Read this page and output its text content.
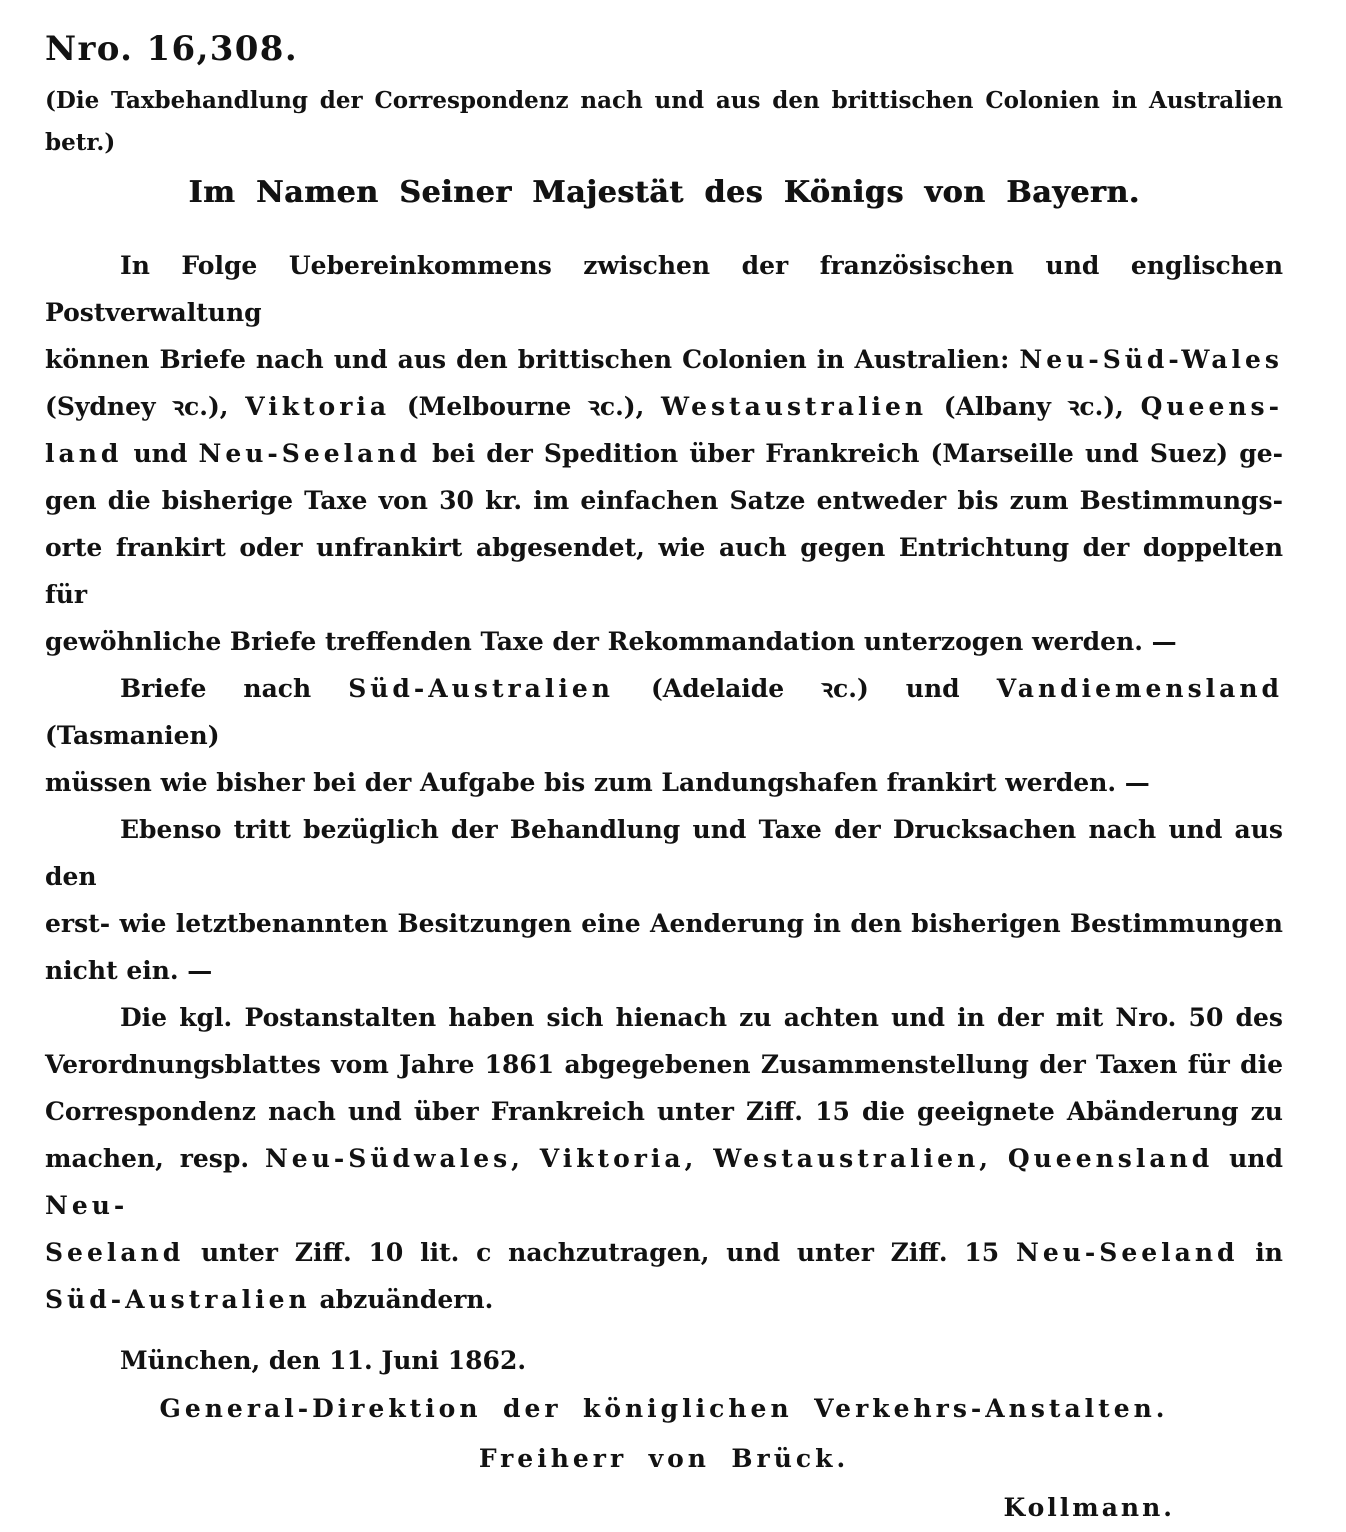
Nro. 16,308.
(Die Taxbehandlung der Correspondenz nach und aus den brittischen Colonien in Australien betr.)
Im Namen Seiner Majestät des Königs von Bayern.
In Folge Uebereinkommens zwischen der französischen und englischen Postverwaltung
können Briefe nach und aus den brittischen Colonien in Australien: Neu-Süd-Wales
(Sydney ꝛc.), Viktoria (Melbourne ꝛc.), Westaustralien (Albany ꝛc.), Queens-
land und Neu-Seeland bei der Spedition über Frankreich (Marseille und Suez) ge-
gen die bisherige Taxe von 30 kr. im einfachen Satze entweder bis zum Bestimmungs-
orte frankirt oder unfrankirt abgesendet, wie auch gegen Entrichtung der doppelten für
gewöhnliche Briefe treffenden Taxe der Rekommandation unterzogen werden. —
Briefe nach Süd-Australien (Adelaide ꝛc.) und Vandiemensland (Tasmanien)
müssen wie bisher bei der Aufgabe bis zum Landungshafen frankirt werden. —
Ebenso tritt bezüglich der Behandlung und Taxe der Drucksachen nach und aus den
erst- wie letztbenannten Besitzungen eine Aenderung in den bisherigen Bestimmungen
nicht ein. —
Die kgl. Postanstalten haben sich hienach zu achten und in der mit Nro. 50 des
Verordnungsblattes vom Jahre 1861 abgegebenen Zusammenstellung der Taxen für die
Correspondenz nach und über Frankreich unter Ziff. 15 die geeignete Abänderung zu
machen, resp. Neu-Südwales, Viktoria, Westaustralien, Queensland und Neu-
Seeland unter Ziff. 10 lit. c nachzutragen, und unter Ziff. 15 Neu-Seeland in
Süd-Australien abzuändern.
München, den 11. Juni 1862.
General-Direktion der königlichen Verkehrs-Anstalten.
Freiherr von Brück.
Kollmann.
